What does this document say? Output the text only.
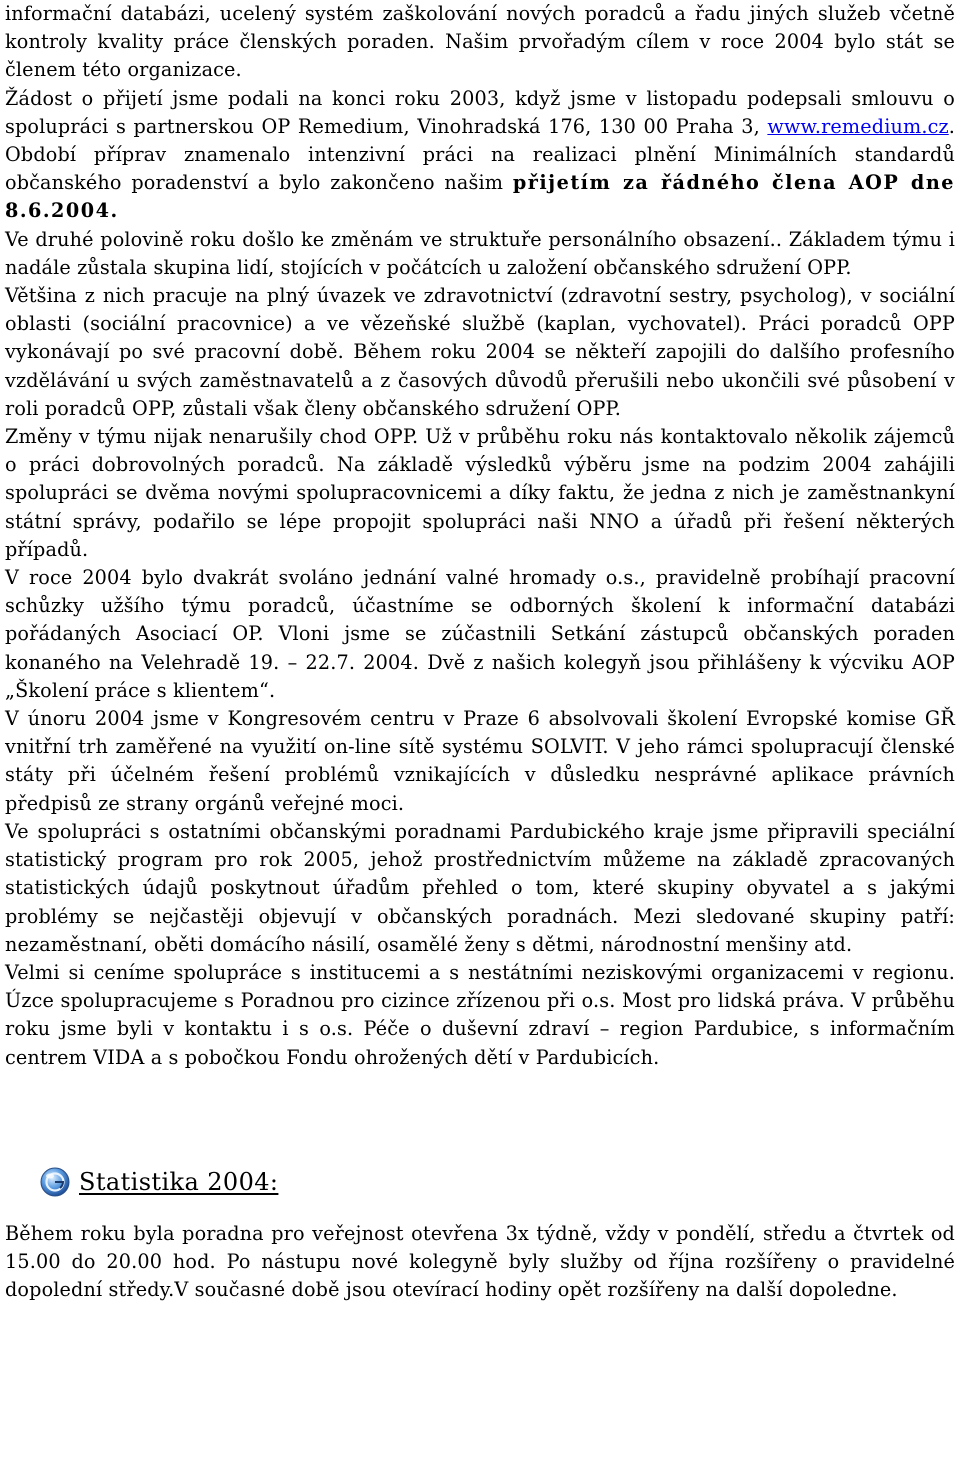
informační databázi, ucelený systém zaškolování nových poradců a řadu jiných služeb včetně kontroly kvality práce členských poraden. Našim prvořadým cílem v roce 2004 bylo stát se členem této organizace.

Žádost o přijetí jsme podali na konci roku 2003, když jsme v listopadu podepsali smlouvu o spolupráci s partnerskou OP Remedium, Vinohradská 176, 130 00 Praha 3, www.remedium.cz. Období příprav znamenalo intenzivní práci na realizaci plnění Minimálních standardů občanského poradenství a bylo zakončeno našim přijetím za řádného člena AOP dne 8.6.2004.

Ve druhé polovině roku došlo ke změnám ve struktuře personálního obsazení.. Základem týmu i nadále zůstala skupina lidí, stojících v počátcích u založení občanského sdružení OPP.

Většina z nich pracuje na plný úvazek ve zdravotnictví (zdravotní sestry, psycholog), v sociální oblasti (sociální pracovnice) a ve vězeňské službě (kaplan, vychovatel). Práci poradců OPP vykonávají po své pracovní době. Během roku 2004 se někteří zapojili do dalšího profesního vzdělávání u svých zaměstnavatelů a z časových důvodů přerušili nebo ukončili své působení v roli poradců OPP, zůstali však členy občanského sdružení OPP.

Změny v týmu nijak nenarušily chod OPP. Už v průběhu roku nás kontaktovalo několik zájemců o práci dobrovolných poradců. Na základě výsledků výběru jsme na podzim 2004 zahájili spolupráci se dvěma novými spolupracovnicemi a díky faktu, že jedna z nich je zaměstnankyní státní správy, podařilo se lépe propojit spolupráci naši NNO a úřadů při řešení některých případů.

V roce 2004 bylo dvakrát svoláno jednání valné hromady o.s., pravidelně probíhají pracovní schůzky užšího týmu poradců, účastníme se odborných školení k informační databázi pořádaných Asociací OP. Vloni jsme se zúčastnili Setkání zástupců občanských poraden konaného na Velehradě 19. – 22.7. 2004. Dvě z našich kolegyň jsou přihlášeny k výcviku AOP „Školení práce s klientem“.

V únoru 2004 jsme v Kongresovém centru v Praze 6 absolvovali školení Evropské komise GŘ vnitřní trh zaměřené na využití on-line sítě systému SOLVIT. V jeho rámci spolupracují členské státy při účelném řešení problémů vznikajících v důsledku nesprávné aplikace právních předpisů ze strany orgánů veřejné moci.

Ve spolupráci s ostatními občanskými poradnami Pardubického kraje jsme připravili speciální statistický program pro rok 2005, jehož prostřednictvím můžeme na základě zpracovaných statistických údajů poskytnout úřadům přehled o tom, které skupiny obyvatel a s jakými problémy se nejčastěji objevují v občanských poradnách. Mezi sledované skupiny patří: nezaměstnaní, oběti domácího násilí, osamělé ženy s dětmi, národnostní menšiny atd.

Velmi si ceníme spolupráce s institucemi a s nestátními neziskovými organizacemi v regionu. Úzce spolupracujeme s Poradnou pro cizince zřízenou při o.s. Most pro lidská práva. V průběhu roku jsme byli v kontaktu i s o.s. Péče o duševní zdraví – region Pardubice, s informačním centrem VIDA a s pobočkou Fondu ohrožených dětí v Pardubicích.

Statistika 2004:

Během roku byla poradna pro veřejnost otevřena 3x týdně, vždy v pondělí, středu a čtvrtek od 15.00 do 20.00 hod. Po nástupu nové kolegyně byly služby od října rozšířeny o pravidelné dopolední středy.V současné době jsou otevírací hodiny opět rozšířeny na další dopoledne.
